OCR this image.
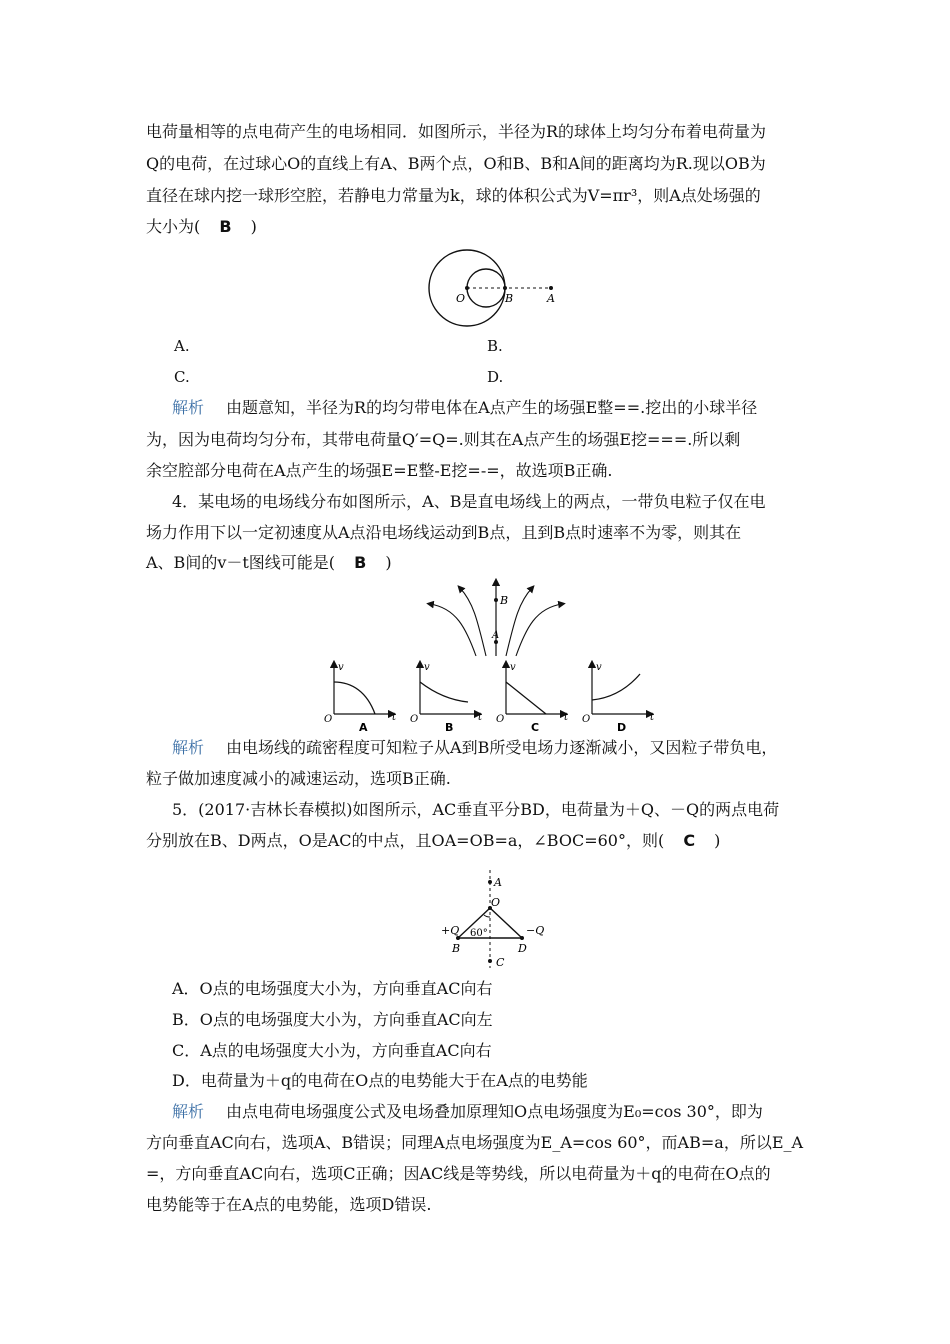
电荷量相等的点电荷产生的电场相同．如图所示，半径为R的球体上均匀分布着电荷量为
Q的电荷，在过球心O的直线上有A、B两个点，O和B、B和A间的距离均为R.现以OB为
直径在球内挖一球形空腔，若静电力常量为k，球的体积公式为V=πr³，则A点处场强的
大小为( B )
O	B	A
A.	B.
C.	D.
解析 由题意知，半径为R的均匀带电体在A点产生的场强E整==.挖出的小球半径
为，因为电荷均匀分布，其带电荷量Q′=Q=.则其在A点产生的场强E挖===.所以剩
余空腔部分电荷在A点产生的场强E=E整-E挖=-=，故选项B正确.
4．某电场的电场线分布如图所示，A、B是直电场线上的两点，一带负电粒子仅在电
场力作用下以一定初速度从A点沿电场线运动到B点，且到B点时速率不为零，则其在
A、B间的v－t图线可能是( B )
B
A
v
t
O
A
v
t
O
B
v
t
O
C
v
t
O
D
解析 由电场线的疏密程度可知粒子从A到B所受电场力逐渐减小，又因粒子带负电，
粒子做加速度减小的减速运动，选项B正确.
5．(2017·吉林长春模拟)如图所示，AC垂直平分BD，电荷量为＋Q、－Q的两点电荷
分别放在B、D两点，O是AC的中点，且OA=OB=a，∠BOC=60°，则( C )
A
O
+Q	−Q
60°
B	D
C
A．O点的电场强度大小为，方向垂直AC向右
B．O点的电场强度大小为，方向垂直AC向左
C．A点的电场强度大小为，方向垂直AC向右
D．电荷量为＋q的电荷在O点的电势能大于在A点的电势能
解析 由点电荷电场强度公式及电场叠加原理知O点电场强度为E₀=cos 30°，即为
方向垂直AC向右，选项A、B错误；同理A点电场强度为E_A=cos 60°，而AB=a，所以E_A
=，方向垂直AC向右，选项C正确；因AC线是等势线，所以电荷量为＋q的电荷在O点的
电势能等于在A点的电势能，选项D错误.
